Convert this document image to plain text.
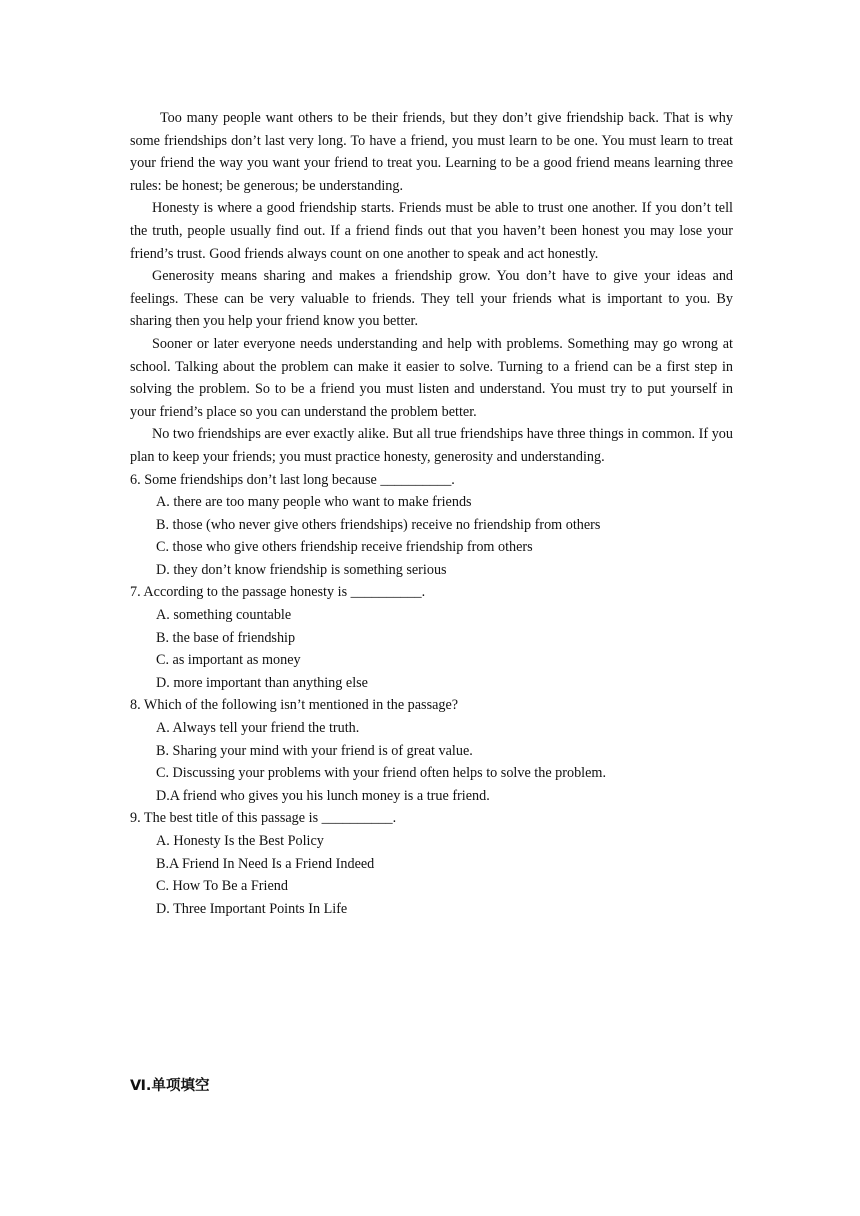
Too many people want others to be their friends, but they don’t give friendship back. That is why some friendships don’t last very long. To have a friend, you must learn to be one. You must learn to treat your friend the way you want your friend to treat you. Learning to be a good friend means learning three rules: be honest; be generous; be understanding.

Honesty is where a good friendship starts. Friends must be able to trust one another. If you don’t tell the truth, people usually find out. If a friend finds out that you haven’t been honest you may lose your friend’s trust. Good friends always count on one another to speak and act honestly.

Generosity means sharing and makes a friendship grow. You don’t have to give your ideas and feelings. These can be very valuable to friends. They tell your friends what is important to you. By sharing then you help your friend know you better.

Sooner or later everyone needs understanding and help with problems. Something may go wrong at school. Talking about the problem can make it easier to solve. Turning to a friend can be a first step in solving the problem. So to be a friend you must listen and understand. You must try to put yourself in your friend’s place so you can understand the problem better.

No two friendships are ever exactly alike. But all true friendships have three things in common. If you plan to keep your friends; you must practice honesty, generosity and understanding.

6. Some friendships don’t last long because __________.

A. there are too many people who want to make friends

B. those (who never give others friendships) receive no friendship from others

C. those who give others friendship receive friendship from others

D. they don’t know friendship is something serious

7. According to the passage honesty is __________.

A. something countable

B. the base of friendship

C. as important as money

D. more important than anything else

8. Which of the following isn’t mentioned in the passage?

A. Always tell your friend the truth.

B. Sharing your mind with your friend is of great value.

C. Discussing your problems with your friend often helps to solve the problem.

D.A friend who gives you his lunch money is a true friend.

9. The best title of this passage is __________.

A. Honesty Is the Best Policy

B.A Friend In Need Is a Friend Indeed

C. How To Be a Friend

D. Three Important Points In Life

Ⅵ.单项填空
